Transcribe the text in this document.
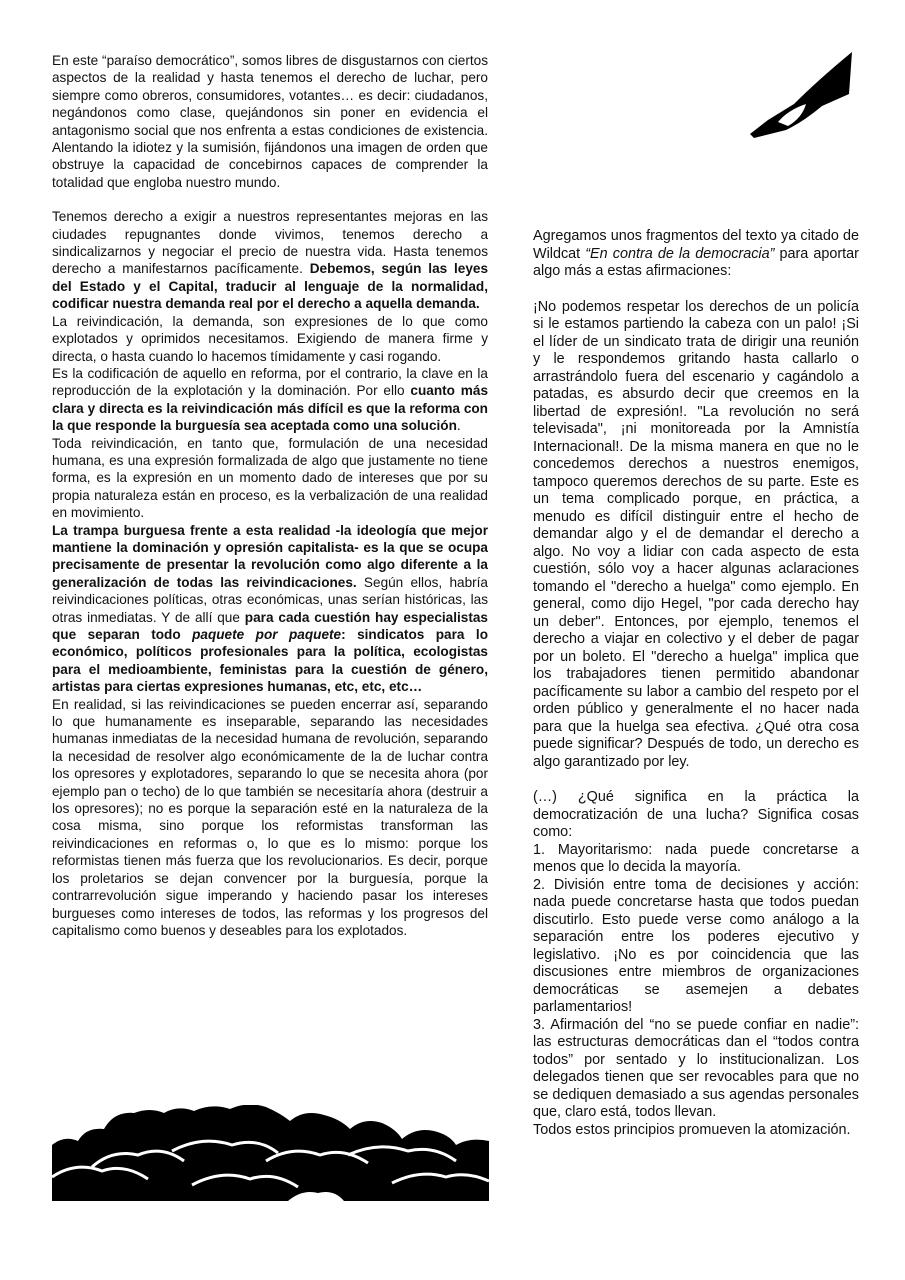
En este “paraíso democrático”, somos libres de disgustarnos con ciertos aspectos de la realidad y hasta tenemos el derecho de luchar, pero siempre como obreros, consumidores, votantes… es decir: ciudadanos, negándonos como clase, quejándonos sin poner en evidencia el antagonismo social que nos enfrenta a estas condiciones de existencia. Alentando la idiotez y la sumisión, fijándonos una imagen de orden que obstruye la capacidad de concebirnos capaces de comprender la totalidad que engloba nuestro mundo.

Tenemos derecho a exigir a nuestros representantes mejoras en las ciudades repugnantes donde vivimos, tenemos derecho a sindicalizarnos y negociar el precio de nuestra vida. Hasta tenemos derecho a manifestarnos pacíficamente. Debemos, según las leyes del Estado y el Capital, traducir al lenguaje de la normalidad, codificar nuestra demanda real por el derecho a aquella demanda.

La reivindicación, la demanda, son expresiones de lo que como explotados y oprimidos necesitamos. Exigiendo de manera firme y directa, o hasta cuando lo hacemos tímidamente y casi rogando.

Es la codificación de aquello en reforma, por el contrario, la clave en la reproducción de la explotación y la dominación. Por ello cuanto más clara y directa es la reivindicación más difícil es que la reforma con la que responde la burguesía sea aceptada como una solución.

Toda reivindicación, en tanto que, formulación de una necesidad humana, es una expresión formalizada de algo que justamente no tiene forma, es la expresión en un momento dado de intereses que por su propia naturaleza están en proceso, es la verbalización de una realidad en movimiento.

La trampa burguesa frente a esta realidad -la ideología que mejor mantiene la dominación y opresión capitalista- es la que se ocupa precisamente de presentar la revolución como algo diferente a la generalización de todas las reivindicaciones. Según ellos, habría reivindicaciones políticas, otras económicas, unas serían históricas, las otras inmediatas. Y de allí que para cada cuestión hay especialistas que separan todo paquete por paquete: sindicatos para lo económico, políticos profesionales para la política, ecologistas para el medioambiente, feministas para la cuestión de género, artistas para ciertas expresiones humanas, etc, etc, etc…

En realidad, si las reivindicaciones se pueden encerrar así, separando lo que humanamente es inseparable, separando las necesidades humanas inmediatas de la necesidad humana de revolución, separando la necesidad de resolver algo económicamente de la de luchar contra los opresores y explotadores, separando lo que se necesita ahora (por ejemplo pan o techo) de lo que también se necesitaría ahora (destruir a los opresores); no es porque la separación esté en la naturaleza de la cosa misma, sino porque los reformistas transforman las reivindicaciones en reformas o, lo que es lo mismo: porque los reformistas tienen más fuerza que los revolucionarios. Es decir, porque los proletarios se dejan convencer por la burguesía, porque la contrarrevolución sigue imperando y haciendo pasar los intereses burgueses como intereses de todos, las reformas y los progresos del capitalismo como buenos y deseables para los explotados.

Agregamos unos fragmentos del texto ya citado de Wildcat “En contra de la democracia” para aportar algo más a estas afirmaciones:

¡No podemos respetar los derechos de un policía si le estamos partiendo la cabeza con un palo! ¡Si el líder de un sindicato trata de dirigir una reunión y le respondemos gritando hasta callarlo o arrastrándolo fuera del escenario y cagándolo a patadas, es absurdo decir que creemos en la libertad de expresión!. "La revolución no será televisada", ¡ni monitoreada por la Amnistía Internacional!. De la misma manera en que no le concedemos derechos a nuestros enemigos, tampoco queremos derechos de su parte. Este es un tema complicado porque, en práctica, a menudo es difícil distinguir entre el hecho de demandar algo y el de demandar el derecho a algo. No voy a lidiar con cada aspecto de esta cuestión, sólo voy a hacer algunas aclaraciones tomando el "derecho a huelga" como ejemplo. En general, como dijo Hegel, "por cada derecho hay un deber". Entonces, por ejemplo, tenemos el derecho a viajar en colectivo y el deber de pagar por un boleto. El "derecho a huelga" implica que los trabajadores tienen permitido abandonar pacíficamente su labor a cambio del respeto por el orden público y generalmente el no hacer nada para que la huelga sea efectiva. ¿Qué otra cosa puede significar? Después de todo, un derecho es algo garantizado por ley.

(…) ¿Qué significa en la práctica la democratización de una lucha? Significa cosas como:

1. Mayoritarismo: nada puede concretarse a menos que lo decida la mayoría.

2. División entre toma de decisiones y acción: nada puede concretarse hasta que todos puedan discutirlo. Esto puede verse como análogo a la separación entre los poderes ejecutivo y legislativo. ¡No es por coincidencia que las discusiones entre miembros de organizaciones democráticas se asemejen a debates parlamentarios!

3. Afirmación del “no se puede confiar en nadie”: las estructuras democráticas dan el “todos contra todos” por sentado y lo institucionalizan. Los delegados tienen que ser revocables para que no se dediquen demasiado a sus agendas personales que, claro está, todos llevan.

Todos estos principios promueven la atomización.
